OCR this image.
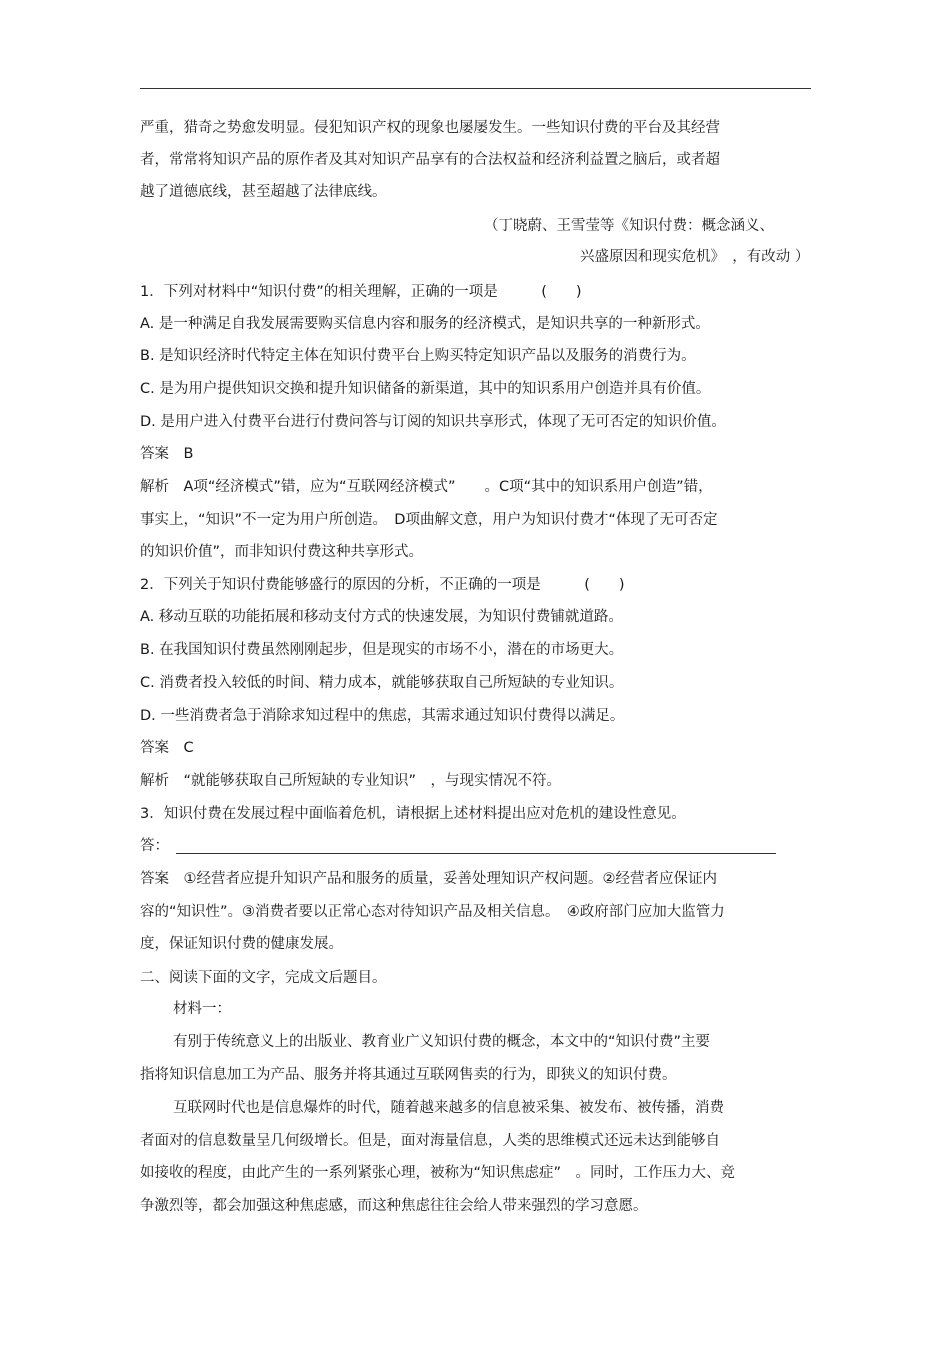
严重，猎奇之势愈发明显。侵犯知识产权的现象也屡屡发生。一些知识付费的平台及其经营
者，常常将知识产品的原作者及其对知识产品享有的合法权益和经济利益置之脑后，或者超
越了道德底线，甚至超越了法律底线。
（丁晓蔚、王雪莹等《知识付费：概念涵义、
兴盛原因和现实危机》　，有改动 ）
1．下列对材料中“知识付费”的相关理解，正确的一项是　　　(　　)
A. 是一种满足自我发展需要购买信息内容和服务的经济模式，是知识共享的一种新形式。
B. 是知识经济时代特定主体在知识付费平台上购买特定知识产品以及服务的消费行为。
C. 是为用户提供知识交换和提升知识储备的新渠道，其中的知识系用户创造并具有价值。
D. 是用户进入付费平台进行付费问答与订阅的知识共享形式，体现了无可否定的知识价值。
答案　B
解析　A项“经济模式”错，应为“互联网经济模式”　　。C项“其中的知识系用户创造”错，
事实上，“知识”不一定为用户所创造。　D项曲解文意，用户为知识付费才“体现了无可否定
的知识价值”，而非知识付费这种共享形式。
2．下列关于知识付费能够盛行的原因的分析，不正确的一项是　　　(　　)
A. 移动互联的功能拓展和移动支付方式的快速发展，为知识付费铺就道路。
B. 在我国知识付费虽然刚刚起步，但是现实的市场不小，潜在的市场更大。
C. 消费者投入较低的时间、精力成本，就能够获取自己所短缺的专业知识。
D. 一些消费者急于消除求知过程中的焦虑，其需求通过知识付费得以满足。
答案　C
解析　“就能够获取自己所短缺的专业知识”　，与现实情况不符。
3．知识付费在发展过程中面临着危机，请根据上述材料提出应对危机的建设性意见。
答：
答案　①经营者应提升知识产品和服务的质量，妥善处理知识产权问题。②经营者应保证内
容的“知识性”。③消费者要以正常心态对待知识产品及相关信息。　④政府部门应加大监管力
度，保证知识付费的健康发展。
二、阅读下面的文字，完成文后题目。
材料一：
有别于传统意义上的出版业、教育业广义知识付费的概念，本文中的“知识付费”主要
指将知识信息加工为产品、服务并将其通过互联网售卖的行为，即狭义的知识付费。
互联网时代也是信息爆炸的时代，随着越来越多的信息被采集、被发布、被传播，消费
者面对的信息数量呈几何级增长。但是，面对海量信息，人类的思维模式还远未达到能够自
如接收的程度，由此产生的一系列紧张心理，被称为“知识焦虑症”　。同时，工作压力大、竞
争激烈等，都会加强这种焦虑感，而这种焦虑往往会给人带来强烈的学习意愿。
